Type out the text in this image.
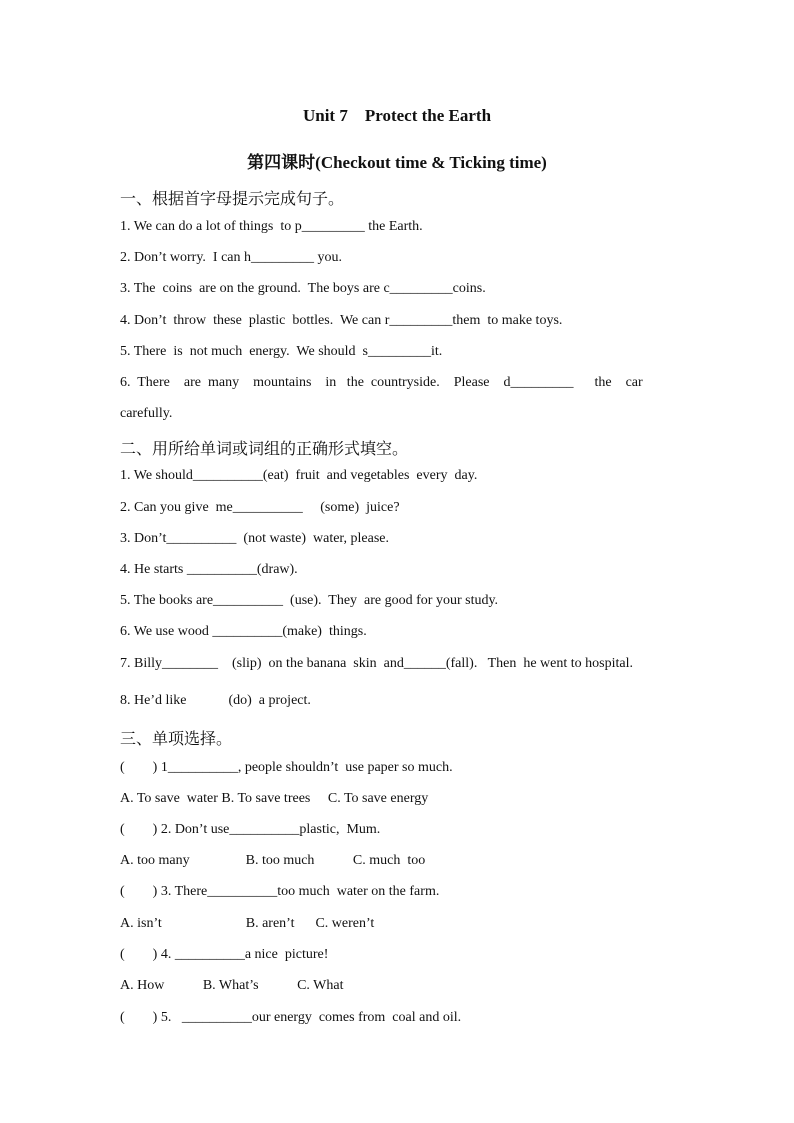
Unit 7    Protect the Earth
第四课时(Checkout time & Ticking time)
一、根据首字母提示完成句子。
1. We can do a lot of things  to p_________ the Earth.
2. Don’t worry.  I can h_________ you.
3. The  coins  are on the ground.  The boys are c_________coins.
4. Don’t  throw  these  plastic  bottles.  We can r_________them  to make toys.
5. There  is  not much  energy.  We should  s_________it.
6.  There    are  many    mountains    in   the  countryside.    Please    d_________      the    car
carefully.
二、用所给单词或词组的正确形式填空。
1. We should__________(eat)  fruit  and vegetables  every  day.
2. Can you give  me__________     (some)  juice?
3. Don’t__________  (not waste)  water, please.
4. He starts __________(draw).
5. The books are__________  (use).  They  are good for your study.
6. We use wood __________(make)  things.
7. Billy________    (slip)  on the banana  skin  and______(fall).   Then  he went to hospital.
8. He’d like            (do)  a project.
三、单项选择。
(        ) 1__________, people shouldn’t  use paper so much.
A. To save  water B. To save trees     C. To save energy
(        ) 2. Don’t use__________plastic,  Mum.
A. too many                B. too much           C. much  too
(        ) 3. There__________too much  water on the farm.
A. isn’t                        B. aren’t      C. weren’t
(        ) 4. __________a nice  picture!
A. How           B. What’s           C. What
(        ) 5.   __________our energy  comes from  coal and oil.
